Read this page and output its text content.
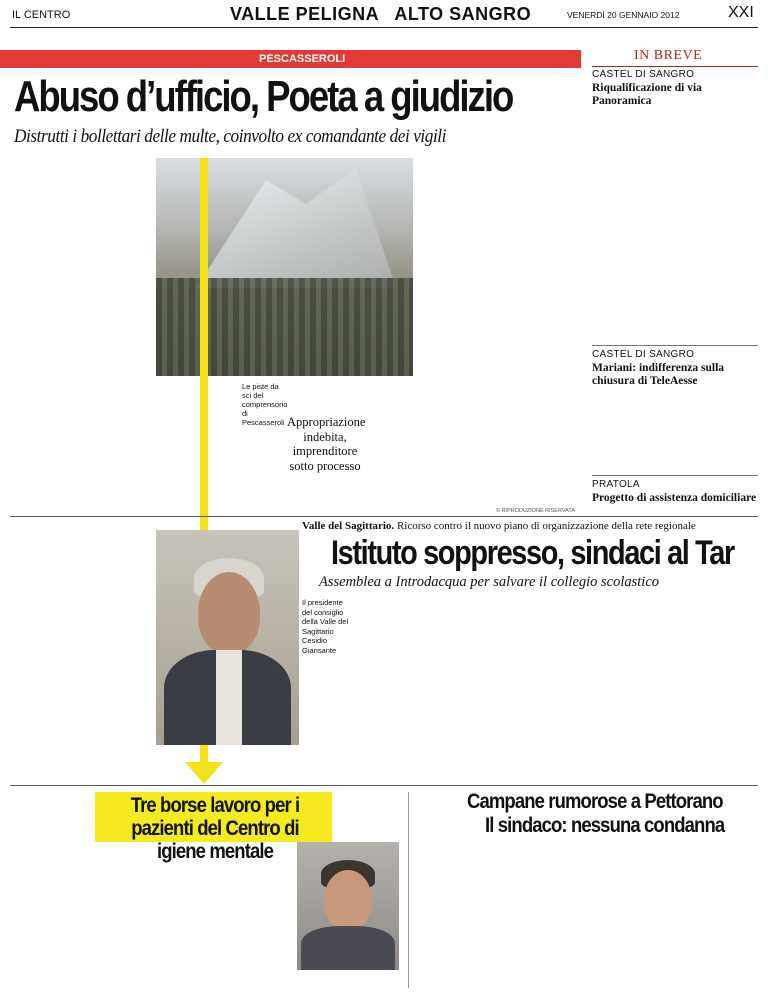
IL CENTRO	VALLE PELIGNA   ALTO SANGRO	VENERDÌ 20 GENNAIO 2012	XXI
PESCASSEROLI	IN BREVE
CASTEL DI SANGRO
Riqualificazione di via Panoramica

CASTEL DI SANGRO
Mariani: indifferenza sulla chiusura di TeleAesse

PRATOLA
Progetto di assistenza domiciliare

Abuso d’ufficio, Poeta a giudizio
Distrutti i bollettari delle multe, coinvolto ex comandante dei vigili

Le piste da sci del comprensorio di Pescasseroli Appropriazione indebita, imprenditore sotto processo

© RIPRODUZIONE RISERVATA
Valle del Sagittario. Ricorso contro il nuovo piano di organizzazione della rete regionale
Istituto soppresso, sindaci al Tar
Assemblea a Introdacqua per salvare il collegio scolastico

Il presidente del consiglio della Valle del Sagittario Cesidio Giansante

Tre borse lavoro per i pazienti del Centro di igiene mentale

Campane rumorose a Pettorano
Il sindaco: nessuna condanna
